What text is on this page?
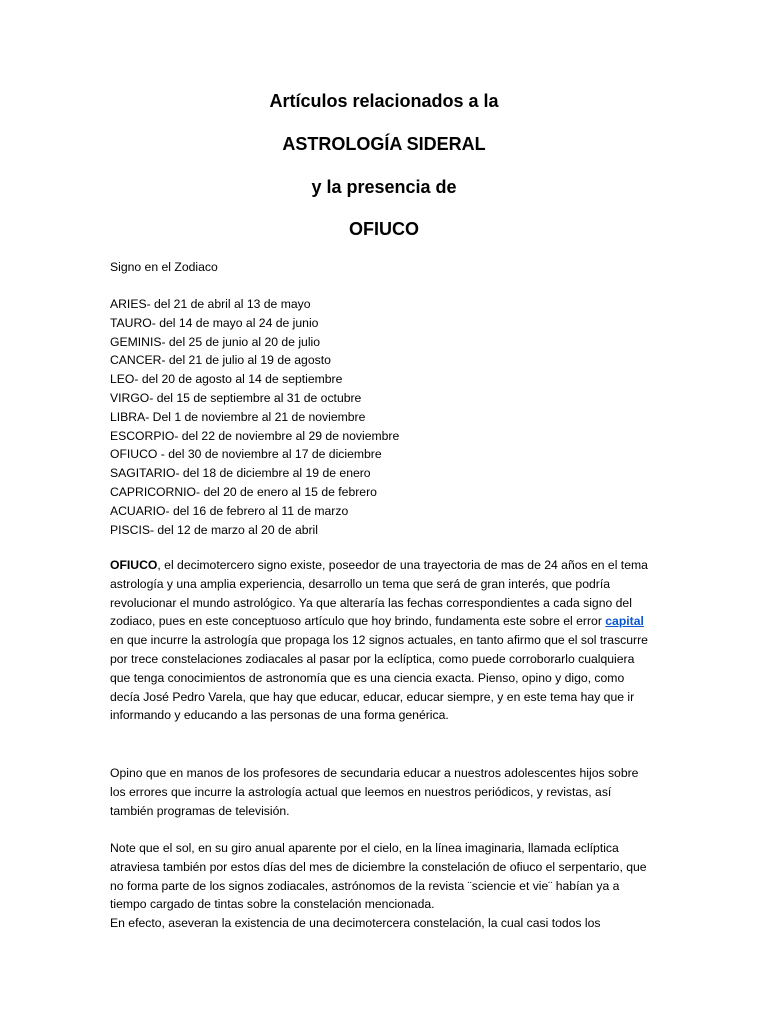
Artículos relacionados a la
ASTROLOGÍA SIDERAL
y la presencia de
OFIUCO
Signo en el Zodiaco
ARIES- del 21 de abril al 13 de mayo
TAURO- del 14 de mayo al 24 de junio
GEMINIS- del 25 de junio al 20 de julio
CANCER- del 21 de julio al 19 de agosto
LEO- del 20 de agosto al 14 de septiembre
VIRGO- del 15 de septiembre al 31 de octubre
LIBRA- Del 1 de noviembre al 21 de noviembre
ESCORPIO- del 22 de noviembre al 29 de noviembre
OFIUCO - del 30 de noviembre al 17 de diciembre
SAGITARIO- del 18 de diciembre al 19 de enero
CAPRICORNIO- del 20 de enero al 15 de febrero
ACUARIO- del 16 de febrero al 11 de marzo
PISCIS- del 12 de marzo al 20 de abril

OFIUCO, el decimotercero signo existe, poseedor de una trayectoria de mas de 24 años en el tema astrología y una amplia experiencia, desarrollo un tema que será de gran interés, que podría revolucionar el mundo astrológico. Ya que alteraría las fechas correspondientes a cada signo del zodiaco, pues en este conceptuoso artículo que hoy brindo, fundamenta este sobre el error capital en que incurre la astrología que propaga los 12 signos actuales, en tanto afirmo que el sol trascurre por trece constelaciones zodiacales al pasar por la eclíptica, como puede corroborarlo cualquiera que tenga conocimientos de astronomía que es una ciencia exacta. Pienso, opino y digo, como decía José Pedro Varela, que hay que educar, educar, educar siempre, y en este tema hay que ir informando y educando a las personas de una forma genérica.

Opino que en manos de los profesores de secundaria educar a nuestros adolescentes hijos sobre los errores que incurre la astrología actual que leemos en nuestros periódicos, y revistas, así también programas de televisión.

Note que el sol, en su giro anual aparente por el cielo, en la línea imaginaria, llamada eclíptica atraviesa también por estos días del mes de diciembre la constelación de ofiuco el serpentario, que no forma parte de los signos zodiacales, astrónomos de la revista ¨sciencie et vie¨ habían ya a tiempo cargado de tintas sobre la constelación mencionada.

En efecto, aseveran la existencia de una decimotercera constelación, la cual casi todos los
